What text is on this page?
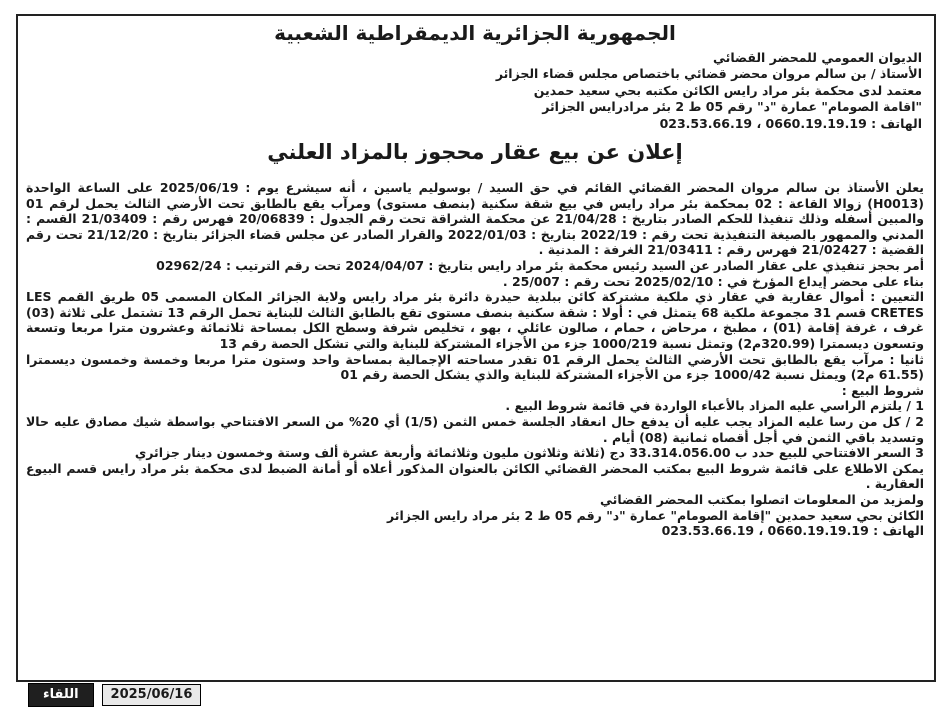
الجمهورية الجزائرية الديمقراطية الشعبية
الديوان العمومي للمحضر القضائي
الأستاذ / بن سالم مروان محضر قضائي باختصاص مجلس قضاء الجزائر
معتمد لدى محكمة بئر مراد رايس الكائن مكتبه بحي سعيد حمدين
"اقامة الصومام" عمارة "د" رقم 05 ط 2 بئر مرادرايس الجزائر
الهاتف : 0660.19.19.19 ، 023.53.66.19
إعلان عن بيع عقار محجوز بالمزاد العلني

يعلن الأستاذ بن سالم مروان المحضر القضائي القائم في حق السيد / بوسوليم ياسين ، أنه سيشرع يوم : 2025/06/19 على الساعة الواحدة (H0013) زوالا القاعة : 02 بمحكمة بئر مراد رايس في بيع شقة سكنية (بنصف مستوى) ومرآب يقع بالطابق تحت الأرضي الثالث يحمل لرقم 01 والمبين أسفله وذلك تنفيذا للحكم الصادر بتاريخ : 21/04/28 عن محكمة الشراقة تحت رقم الجدول : 20/06839 فهرس رقم : 21/03409 القسم : المدني والممهور بالصيغة التنفيذية تحت رقم : 2022/19 بتاريخ : 2022/01/03 والقرار الصادر عن مجلس قضاء الجزائر بتاريخ : 21/12/20 تحت رقم القضية : 21/02427 فهرس رقم : 21/03411 الغرفة : المدنية .

أمر بحجز تنفيذي على عقار الصادر عن السيد رئيس محكمة بئر مراد رايس بتاريخ : 2024/04/07 تحت رقم الترتيب : 02962/24

بناء على محضر إيداع المؤرخ في : 2025/02/10 تحت رقم : 25/007 .

التعيين : أموال عقارية في عقار ذي ملكية مشتركة كائن ببلدية حيدرة دائرة بئر مراد رايس ولاية الجزائر المكان المسمى 05 طريق القمم LES CRETES قسم 31 مجموعة ملكية 68 يتمثل في : أولا : شقة سكنية بنصف مستوى تقع بالطابق الثالث للبناية تحمل الرقم 13 تشتمل على ثلاثة (03) غرف ، غرفة إقامة (01) ، مطبخ ، مرحاض ، حمام ، صالون عائلي ، بهو ، تخليص شرفة وسطح الكل بمساحة ثلاثمائة وعشرون مترا مربعا وتسعة وتسعون ديسمترا (320.99م2) وتمثل نسبة 1000/219 جزء من الأجزاء المشتركة للبناية والتي تشكل الحصة رقم 13

ثانيا : مرآب يقع بالطابق تحت الأرضي الثالث يحمل الرقم 01 تقدر مساحته الإجمالية بمساحة واحد وستون مترا مربعا وخمسة وخمسون ديسمترا (61.55 م2) ويمثل نسبة 1000/42 جزء من الأجزاء المشتركة للبناية والذي يشكل الحصة رقم 01

شروط البيع :

1 / يلتزم الراسي عليه المزاد بالأعباء الواردة في قائمة شروط البيع .

2 / كل من رسا عليه المزاد يجب عليه أن يدفع حال انعقاد الجلسة خمس الثمن (1/5) أي 20% من السعر الافتتاحي بواسطة شيك مصادق عليه حالا وتسديد باقي الثمن في أجل أقصاه ثمانية (08) أيام .

3 السعر الافتتاحي للبيع حدد ب 33.314.056.00 دج (ثلاثة وثلاثون مليون وثلاثمائة وأربعة عشرة ألف وستة وخمسون دينار جزائري

يمكن الاطلاع على قائمة شروط البيع بمكتب المحضر القضائي الكائن بالعنوان المذكور أعلاه أو أمانة الضبط لدى محكمة بئر مراد رايس قسم البيوع العقارية .

ولمزيد من المعلومات اتصلوا بمكتب المحضر القضائي

الكائن بحي سعيد حمدين "إقامة الصومام" عمارة "د" رقم 05 ط 2 بئر مراد رايس الجزائر

الهاتف : 0660.19.19.19 ، 023.53.66.19

اللقاء	2025/06/16
